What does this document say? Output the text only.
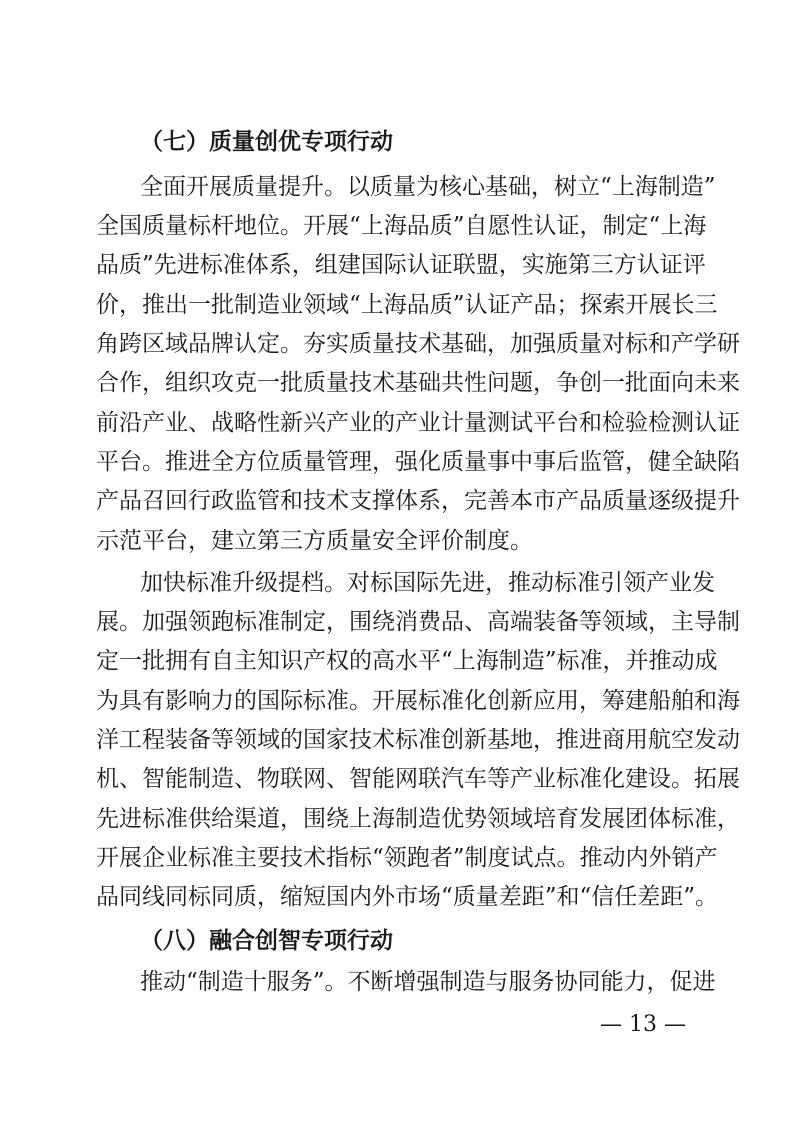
（七）质量创优专项行动
全面开展质量提升。以质量为核心基础，树立“上海制造”
全国质量标杆地位。开展“上海品质”自愿性认证，制定“上海
品质”先进标准体系，组建国际认证联盟，实施第三方认证评
价，推出一批制造业领域“上海品质”认证产品；探索开展长三
角跨区域品牌认定。夯实质量技术基础，加强质量对标和产学研
合作，组织攻克一批质量技术基础共性问题，争创一批面向未来
前沿产业、战略性新兴产业的产业计量测试平台和检验检测认证
平台。推进全方位质量管理，强化质量事中事后监管，健全缺陷
产品召回行政监管和技术支撑体系，完善本市产品质量逐级提升
示范平台，建立第三方质量安全评价制度。
加快标准升级提档。对标国际先进，推动标准引领产业发
展。加强领跑标准制定，围绕消费品、高端装备等领域，主导制
定一批拥有自主知识产权的高水平“上海制造”标准，并推动成
为具有影响力的国际标准。开展标准化创新应用，筹建船舶和海
洋工程装备等领域的国家技术标准创新基地，推进商用航空发动
机、智能制造、物联网、智能网联汽车等产业标准化建设。拓展
先进标准供给渠道，围绕上海制造优势领域培育发展团体标准，
开展企业标准主要技术指标“领跑者”制度试点。推动内外销产
品同线同标同质，缩短国内外市场“质量差距”和“信任差距”。
（八）融合创智专项行动
推动“制造十服务”。不断增强制造与服务协同能力，促进
— 13 —
